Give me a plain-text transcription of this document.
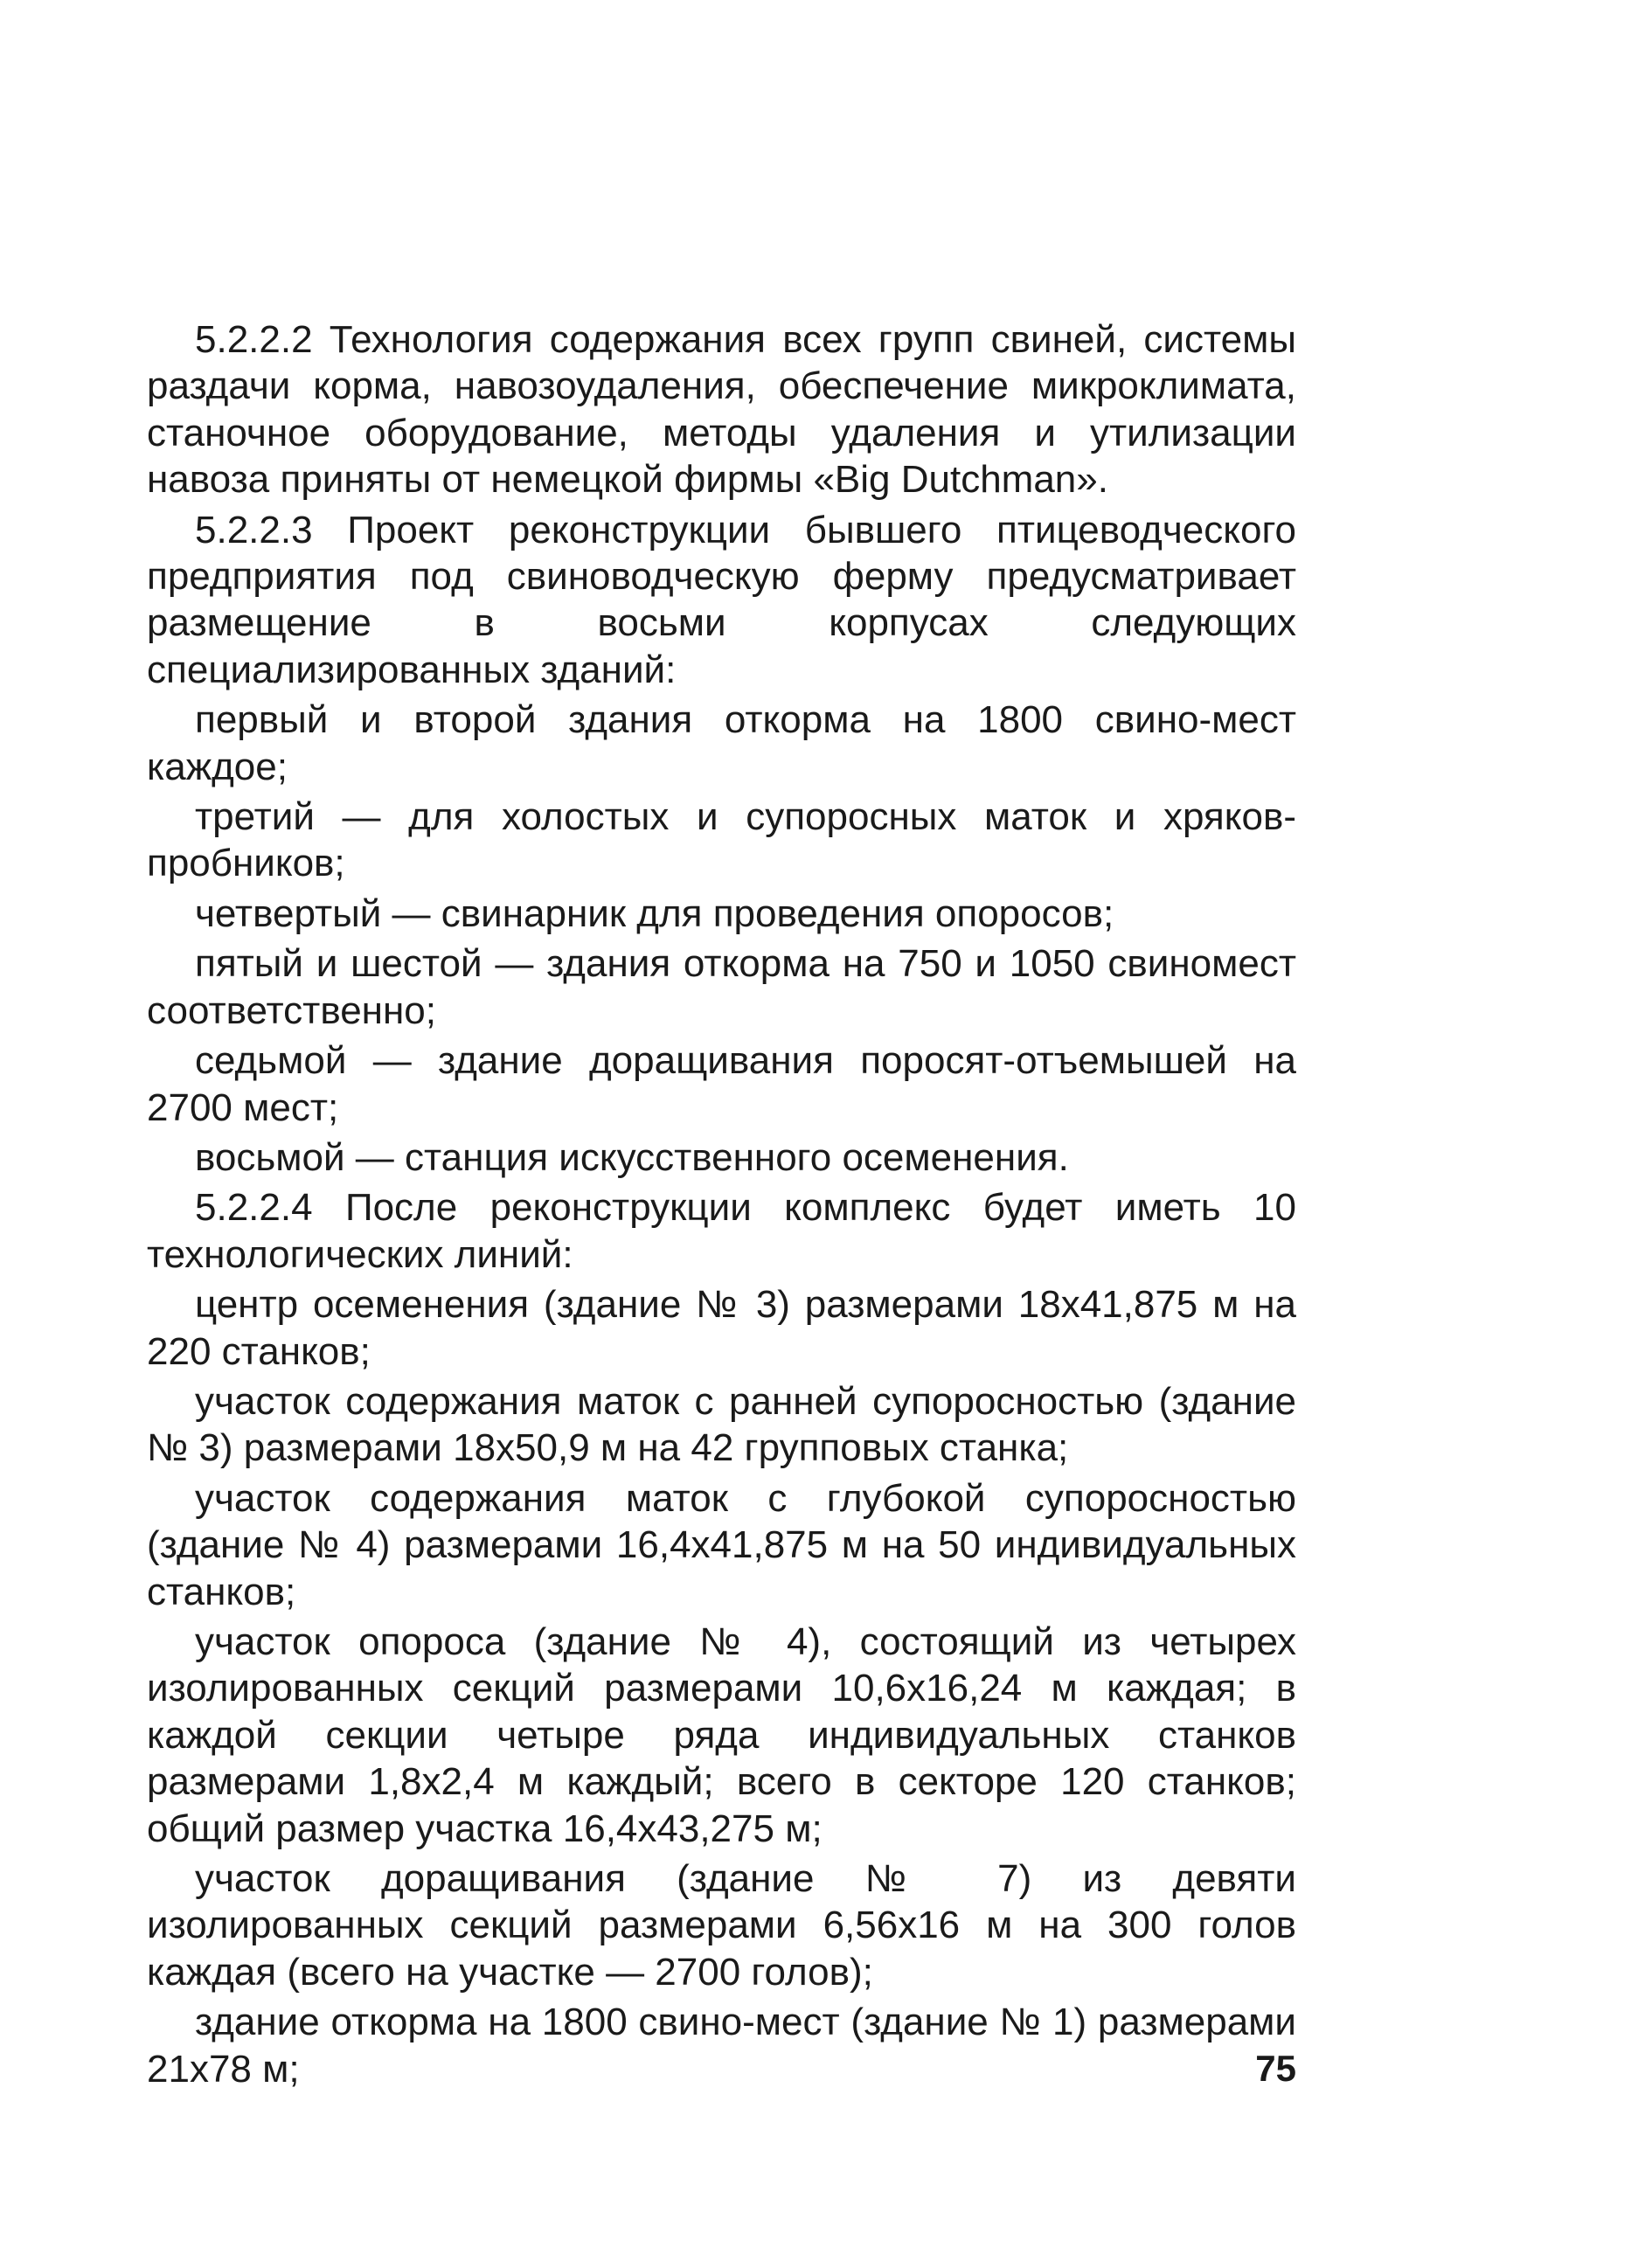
5.2.2.2 Технология содержания всех групп свиней, системы раздачи корма, навозоудаления, обеспечение микроклимата, станочное оборудование, методы удаления и утилизации навоза приняты от немецкой фирмы «Big Dutchman».

5.2.2.3 Проект реконструкции бывшего птицеводческого предприятия под свиноводческую ферму предусматривает размещение в восьми корпусах следующих специализированных зданий:

первый и второй здания откорма на 1800 свино-мест каждое;

третий — для холостых и супоросных маток и хряков-пробников;

четвертый — свинарник для проведения опоросов;

пятый и шестой — здания откорма на 750 и 1050 свиномест соответственно;

седьмой — здание доращивания поросят-отъемышей на 2700 мест;

восьмой — станция искусственного осеменения.

5.2.2.4 После реконструкции комплекс будет иметь 10 технологических линий:

центр осеменения (здание № 3) размерами 18х41,875 м на 220 станков;

участок содержания маток с ранней супоросностью (здание № 3) размерами 18х50,9 м на 42 групповых станка;

участок содержания маток с глубокой супоросностью (здание № 4) размерами 16,4х41,875 м на 50 индивидуальных станков;

участок опороса (здание № 4), состоящий из четырех изолированных секций размерами 10,6х16,24 м каждая; в каждой секции четыре ряда индивидуальных станков размерами 1,8х2,4 м каждый; всего в секторе 120 станков; общий размер участка 16,4х43,275 м;

участок доращивания (здание № 7) из девяти изолированных секций размерами 6,56х16 м на 300 голов каждая (всего на участке — 2700 голов);

здание откорма на 1800 свино-мест (здание № 1) размерами 21х78 м;	75
